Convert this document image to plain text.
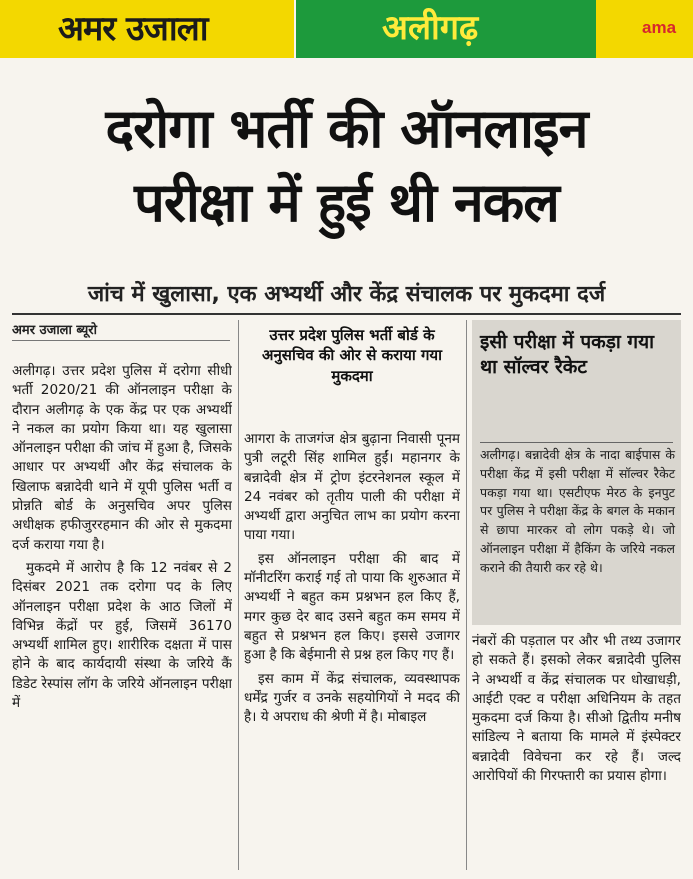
अमर उजाला	अलीगढ़	ama
दरोगा भर्ती की ऑनलाइन
परीक्षा में हुई थी नकल
जांच में खुलासा, एक अभ्यर्थी और केंद्र संचालक पर मुकदमा दर्ज
अमर उजाला ब्यूरो

अलीगढ़। उत्तर प्रदेश पुलिस में दरोगा सीधी भर्ती 2020/21 की ऑनलाइन परीक्षा के दौरान अलीगढ़ के एक केंद्र पर एक अभ्यर्थी ने नकल का प्रयोग किया था। यह खुलासा ऑनलाइन परीक्षा की जांच में हुआ है, जिसके आधार पर अभ्यर्थी और केंद्र संचालक के खिलाफ बन्नादेवी थाने में यूपी पुलिस भर्ती व प्रोन्नति बोर्ड के अनुसचिव अपर पुलिस अधीक्षक हफीजुररहमान की ओर से मुकदमा दर्ज कराया गया है।

मुकदमे में आरोप है कि 12 नवंबर से 2 दिसंबर 2021 तक दरोगा पद के लिए ऑनलाइन परीक्षा प्रदेश के आठ जिलों में विभिन्न केंद्रों पर हुई, जिसमें 36170 अभ्यर्थी शामिल हुए। शारीरिक दक्षता में पास होने के बाद कार्यदायी संस्था के जरिये कैं डिडेट रेस्पांस लॉग के जरिये ऑनलाइन परीक्षा में

उत्तर प्रदेश पुलिस भर्ती बोर्ड के अनुसचिव की ओर से कराया गया मुकदमा

आगरा के ताजगंज क्षेत्र बुढ़ाना निवासी पूनम पुत्री लटूरी सिंह शामिल हुईं। महानगर के बन्नादेवी क्षेत्र में ट्रोण इंटरनेशनल स्कूल में 24 नवंबर को तृतीय पाली की परीक्षा में अभ्यर्थी द्वारा अनुचित लाभ का प्रयोग करना पाया गया।

इस ऑनलाइन परीक्षा की बाद में मॉनीटरिंग कराई गई तो पाया कि शुरुआत में अभ्यर्थी ने बहुत कम प्रश्नभन हल किए हैं, मगर कुछ देर बाद उसने बहुत कम समय में बहुत से प्रश्नभन हल किए। इससे उजागर हुआ है कि बेईमानी से प्रश्न हल किए गए हैं।

इस काम में केंद्र संचालक, व्यवस्थापक धर्मेंद्र गुर्जर व उनके सहयोगियों ने मदद की है। ये अपराध की श्रेणी में है। मोबाइल

इसी परीक्षा में पकड़ा गया था सॉल्वर रैकेट
अलीगढ़। बन्नादेवी क्षेत्र के नादा बाईपास के परीक्षा केंद्र में इसी परीक्षा में सॉल्वर रैकेट पकड़ा गया था। एसटीएफ मेरठ के इनपुट पर पुलिस ने परीक्षा केंद्र के बगल के मकान से छापा मारकर वो लोग पकड़े थे। जो ऑनलाइन परीक्षा में हैकिंग के जरिये नकल कराने की तैयारी कर रहे थे।

नंबरों की पड़ताल पर और भी तथ्य उजागर हो सकते हैं। इसको लेकर बन्नादेवी पुलिस ने अभ्यर्थी व केंद्र संचालक पर धोखाधड़ी, आईटी एक्ट व परीक्षा अधिनियम के तहत मुकदमा दर्ज किया है। सीओ द्वितीय मनीष सांडिल्य ने बताया कि मामले में इंस्पेक्टर बन्नादेवी विवेचना कर रहे हैं। जल्द आरोपियों की गिरफ्तारी का प्रयास होगा।
